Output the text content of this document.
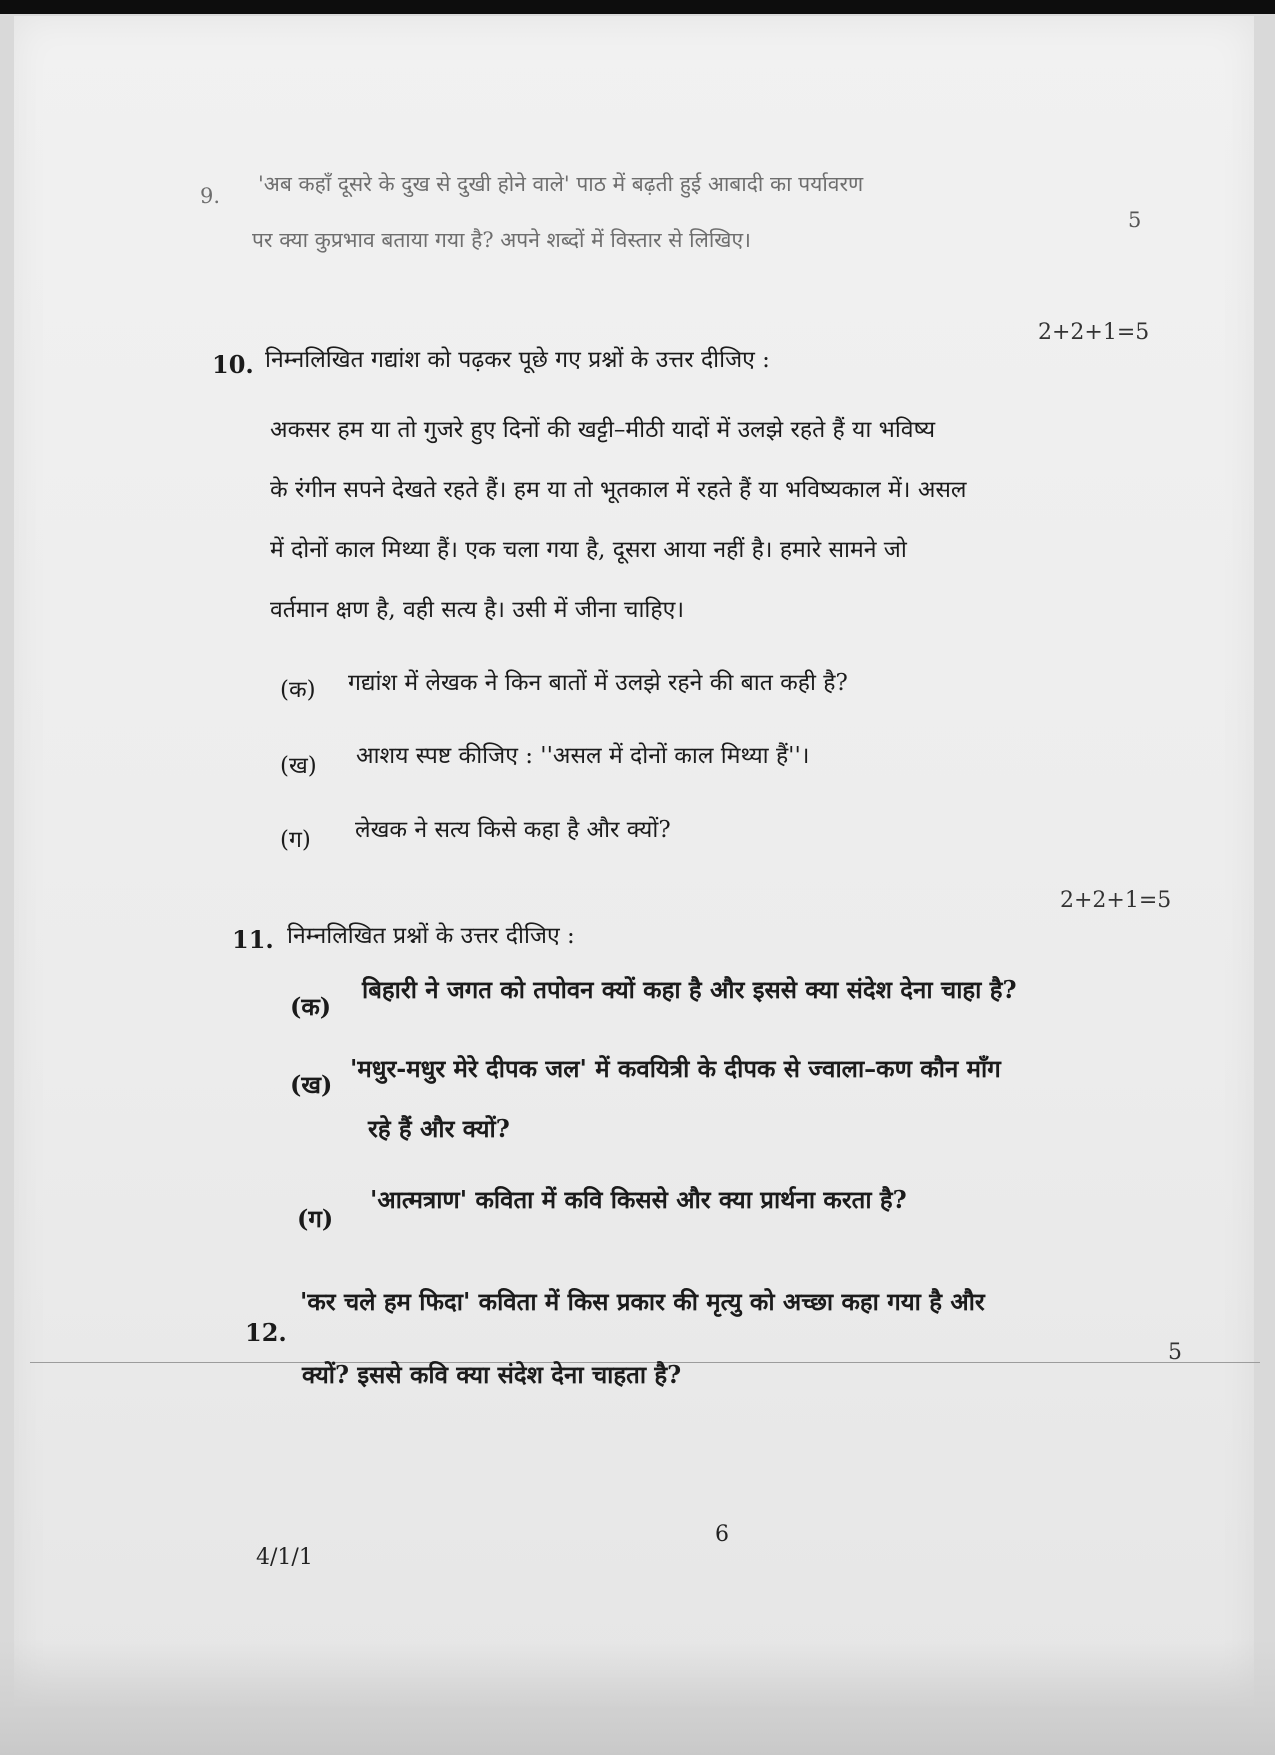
9. 'अब कहाँ दूसरे के दुख से दुखी होने वाले' पाठ में बढ़ती हुई आबादी का पर्यावरण
पर क्या कुप्रभाव बताया गया है? अपने शब्दों में विस्तार से लिखिए।
5
10. निम्नलिखित गद्यांश को पढ़कर पूछे गए प्रश्नों के उत्तर दीजिए :
2+2+1=5
अकसर हम या तो गुजरे हुए दिनों की खट्टी–मीठी यादों में उलझे रहते हैं या भविष्य
के रंगीन सपने देखते रहते हैं। हम या तो भूतकाल में रहते हैं या भविष्यकाल में। असल
में दोनों काल मिथ्या हैं। एक चला गया है, दूसरा आया नहीं है। हमारे सामने जो
वर्तमान क्षण है, वही सत्य है। उसी में जीना चाहिए।
(क) गद्यांश में लेखक ने किन बातों में उलझे रहने की बात कही है?
(ख) आशय स्पष्ट कीजिए : ''असल में दोनों काल मिथ्या हैं''।
(ग) लेखक ने सत्य किसे कहा है और क्यों?
11. निम्नलिखित प्रश्नों के उत्तर दीजिए :
2+2+1=5
(क)
बिहारी ने जगत को तपोवन क्यों कहा है और इससे क्या संदेश देना चाहा है?
(ख)
'मधुर-मधुर मेरे दीपक जल' में कवयित्री के दीपक से ज्वाला–कण कौन माँग
रहे हैं और क्यों?
(ग)
'आत्मत्राण' कविता में कवि किससे और क्या प्रार्थना करता है?
12.
'कर चले हम फिदा' कविता में किस प्रकार की मृत्यु को अच्छा कहा गया है और
क्यों? इससे कवि क्या संदेश देना चाहता है?
5
4/1/1
6
